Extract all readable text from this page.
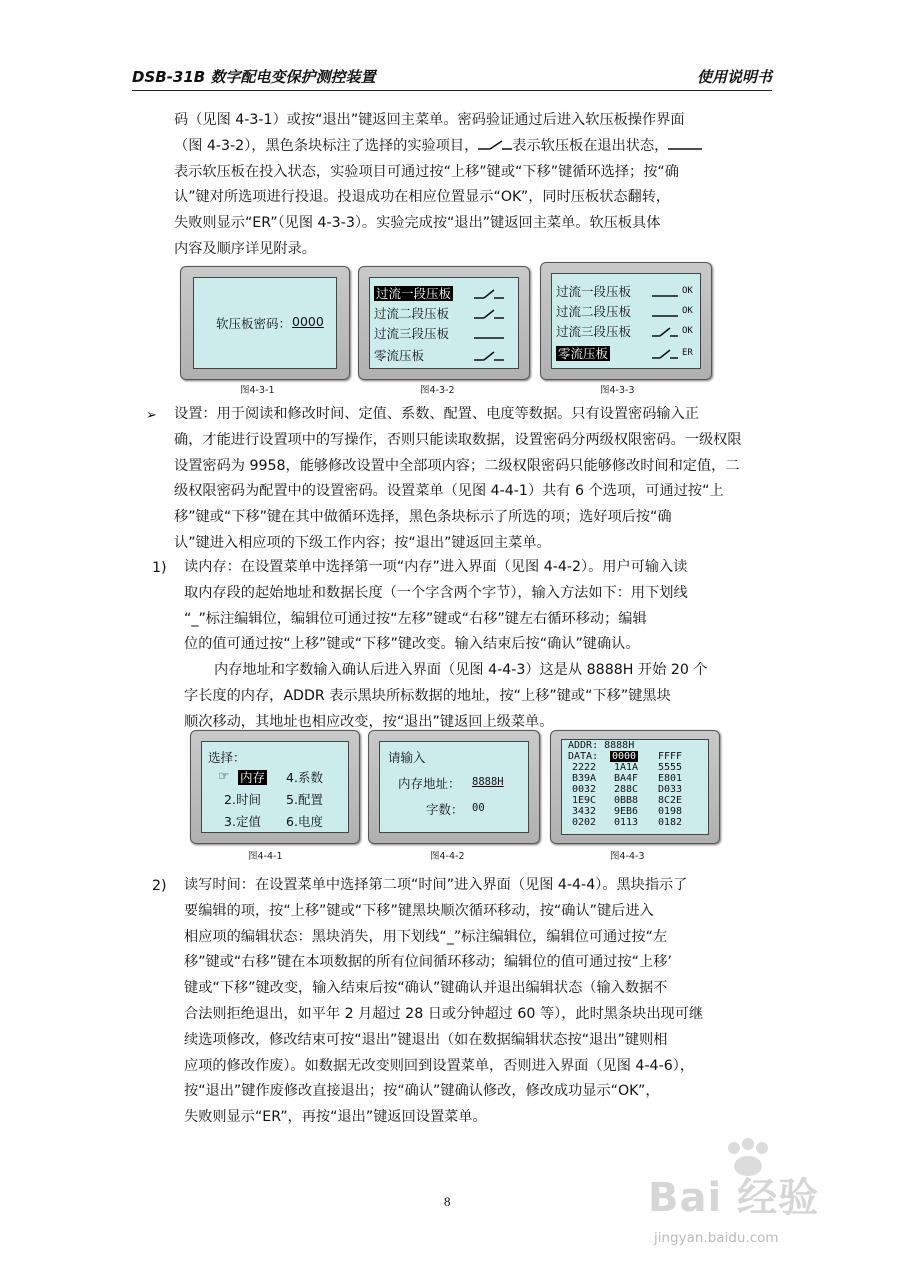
DSB-31B 数字配电变保护测控装置	使用说明书
码（见图 4-3-1）或按“退出”键返回主菜单。密码验证通过后进入软压板操作界面
（图 4-3-2），黑色条块标注了选择的实验项目， 表示软压板在退出状态，
表示软压板在投入状态，实验项目可通过按“上移”键或“下移”键循环选择；按“确
认”键对所选项进行投退。投退成功在相应位置显示“OK”，同时压板状态翻转，
失败则显示“ER”（见图 4-3-3）。实验完成按“退出”键返回主菜单。软压板具体
内容及顺序详见附录。
软压板密码： 0000
图4-3-1
过流一段压板
过流二段压板
过流三段压板
零流压板
图4-3-2
过流一段压板
过流二段压板
过流三段压板
零流压板
OK
OK
OK
ER
图4-3-3
➢ 设置：用于阅读和修改时间、定值、系数、配置、电度等数据。只有设置密码输入正
确，才能进行设置项中的写操作，否则只能读取数据，设置密码分两级权限密码。一级权限
设置密码为 9958，能够修改设置中全部项内容；二级权限密码只能够修改时间和定值，二
级权限密码为配置中的设置密码。设置菜单（见图 4-4-1）共有 6 个选项，可通过按“上
移”键或“下移”键在其中做循环选择，黑色条块标示了所选的项；选好项后按“确
认”键进入相应项的下级工作内容；按“退出”键返回主菜单。
1) 读内存：在设置菜单中选择第一项“内存”进入界面（见图 4-4-2）。用户可输入读
取内存段的起始地址和数据长度（一个字含两个字节），输入方法如下：用下划线
“_”标注编辑位，编辑位可通过按“左移”键或“右移”键左右循环移动；编辑
位的值可通过按“上移”键或“下移”键改变。输入结束后按“确认”键确认。
内存地址和字数输入确认后进入界面（见图 4-4-3）这是从 8888H 开始 20 个
字长度的内存，ADDR 表示黑块所标数据的地址，按“上移”键或“下移”键黑块
顺次移动，其地址也相应改变，按“退出”键返回上级菜单。
选择：
☞ 内存 4.系数
2.时间 5.配置
3.定值 6.电度
图4-4-1
请输入
内存地址： 8888H
字数： 00
图4-4-2
ADDR: 8888H
DATA: 0000 FFFF
2222 1A1A 5555
B39A BA4F E801
0032 288C D033
1E9C 0BB8 8C2E
3432 9EB6 0198
0202 0113 0182
图4-4-3
2) 读写时间：在设置菜单中选择第二项“时间”进入界面（见图 4-4-4）。黑块指示了
要编辑的项，按“上移”键或“下移”键黑块顺次循环移动，按“确认”键后进入
相应项的编辑状态：黑块消失，用下划线“_”标注编辑位，编辑位可通过按“左
移”键或“右移”键在本项数据的所有位间循环移动；编辑位的值可通过按“上移’
键或“下移”键改变，输入结束后按“确认”键确认并退出编辑状态（输入数据不
合法则拒绝退出，如平年 2 月超过 28 日或分钟超过 60 等），此时黑条块出现可继
续选项修改，修改结束可按“退出”键退出（如在数据编辑状态按“退出”键则相
应项的修改作废）。如数据无改变则回到设置菜单，否则进入界面（见图 4-4-6），
按“退出”键作废修改直接退出；按“确认”键确认修改，修改成功显示“OK”，
失败则显示“ER”，再按“退出”键返回设置菜单。
8	Bai 经验
jingyan.baidu.com
